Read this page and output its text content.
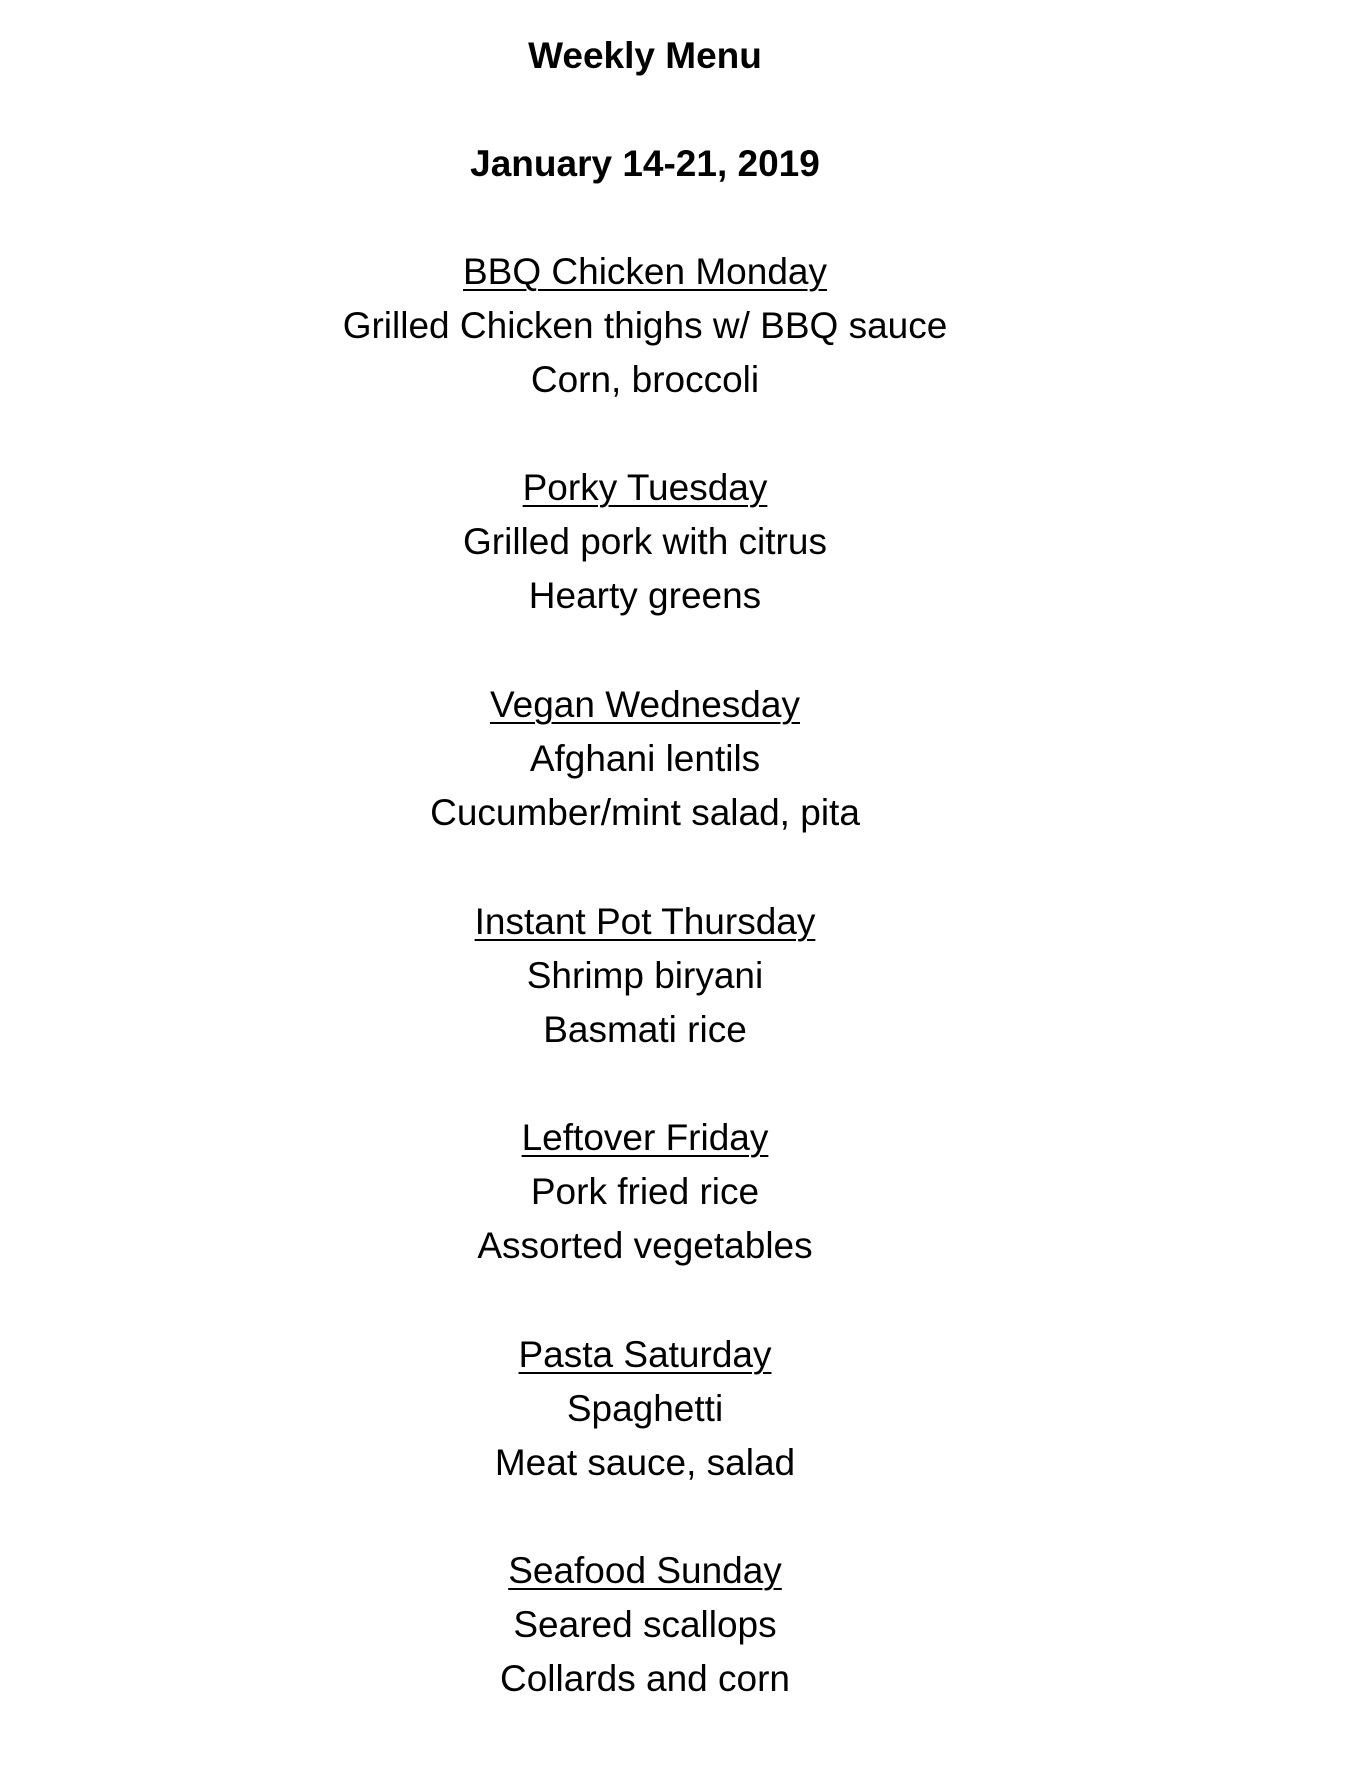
Weekly Menu
January 14-21, 2019
BBQ Chicken Monday
Grilled Chicken thighs w/ BBQ sauce
Corn, broccoli
Porky Tuesday
Grilled pork with citrus
Hearty greens
Vegan Wednesday
Afghani lentils
Cucumber/mint salad, pita
Instant Pot Thursday
Shrimp biryani
Basmati rice
Leftover Friday
Pork fried rice
Assorted vegetables
Pasta Saturday
Spaghetti
Meat sauce, salad
Seafood Sunday
Seared scallops
Collards and corn
